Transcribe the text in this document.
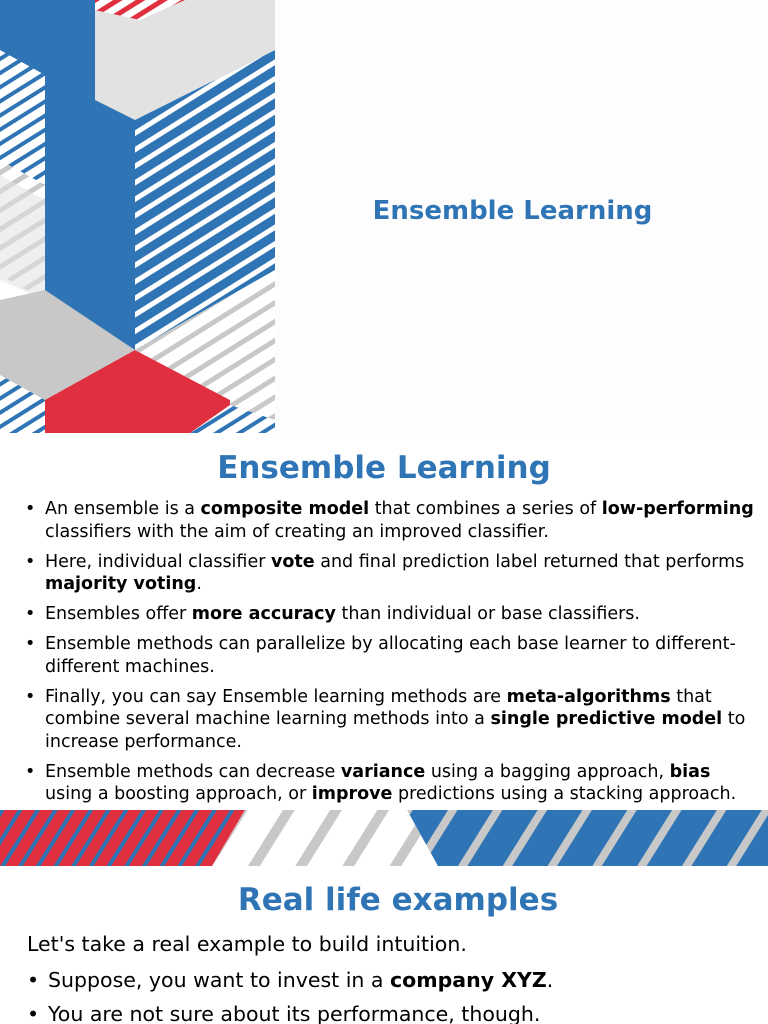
Ensemble Learning
Ensemble Learning
• An ensemble is a composite model that combines a series of low-performing classifiers with the aim of creating an improved classifier.
• Here, individual classifier vote and final prediction label returned that performs majority voting.
• Ensembles offer more accuracy than individual or base classifiers.
• Ensemble methods can parallelize by allocating each base learner to different-different machines.
• Finally, you can say Ensemble learning methods are meta-algorithms that combine several machine learning methods into a single predictive model to increase performance.
• Ensemble methods can decrease variance using a bagging approach, bias using a boosting approach, or improve predictions using a stacking approach.
Real life examples
Let's take a real example to build intuition.
• Suppose, you want to invest in a company XYZ.
• You are not sure about its performance, though.
